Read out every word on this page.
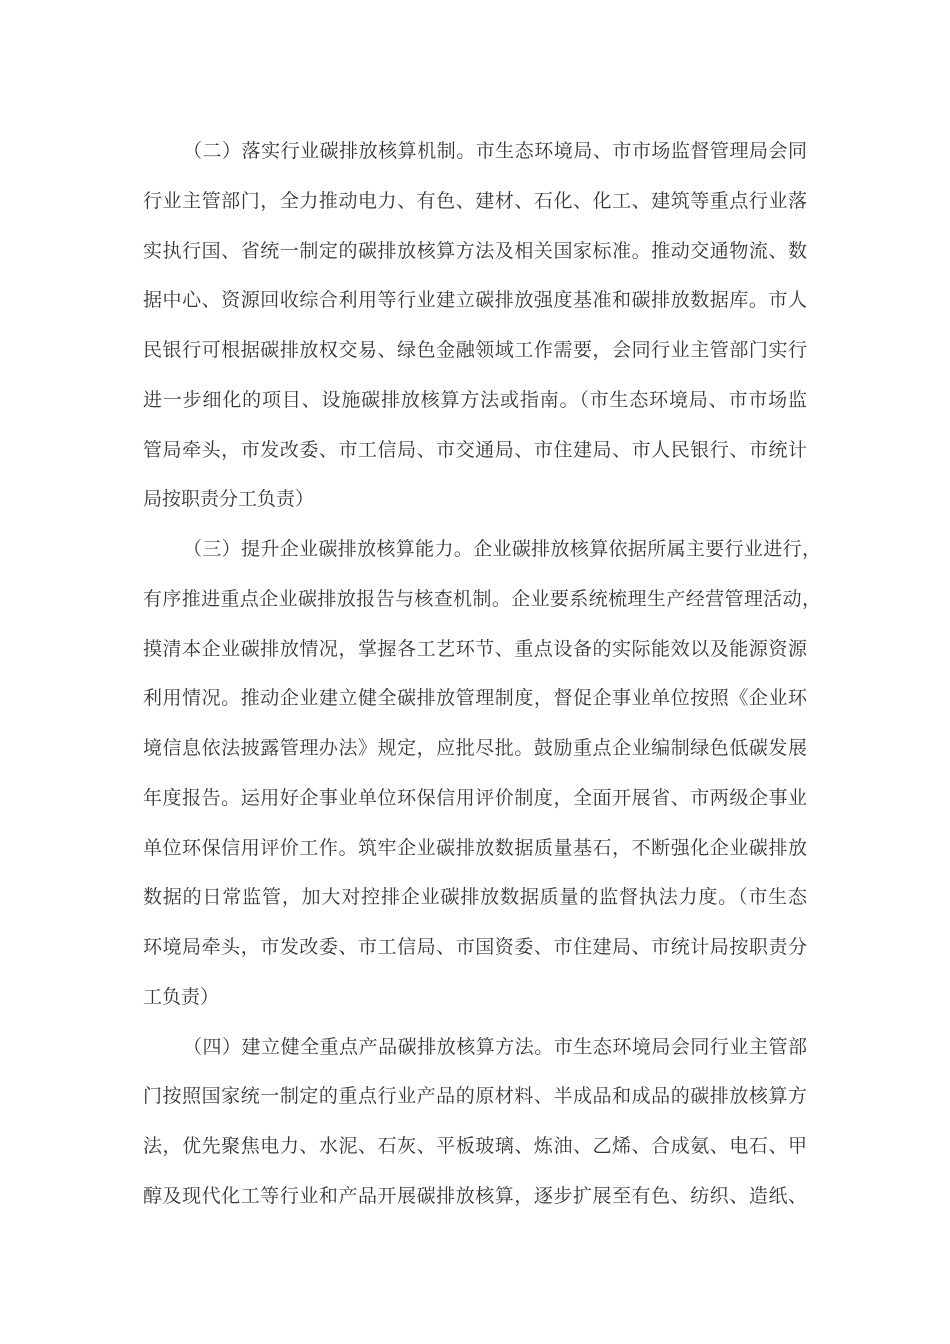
（二）落实行业碳排放核算机制。市生态环境局、市市场监督管理局会同
行业主管部门，全力推动电力、有色、建材、石化、化工、建筑等重点行业落
实执行国、省统一制定的碳排放核算方法及相关国家标准。推动交通物流、数
据中心、资源回收综合利用等行业建立碳排放强度基准和碳排放数据库。市人
民银行可根据碳排放权交易、绿色金融领域工作需要，会同行业主管部门实行
进一步细化的项目、设施碳排放核算方法或指南。（市生态环境局、市市场监
管局牵头，市发改委、市工信局、市交通局、市住建局、市人民银行、市统计
局按职责分工负责）
（三）提升企业碳排放核算能力。企业碳排放核算依据所属主要行业进行，
有序推进重点企业碳排放报告与核查机制。企业要系统梳理生产经营管理活动，
摸清本企业碳排放情况，掌握各工艺环节、重点设备的实际能效以及能源资源
利用情况。推动企业建立健全碳排放管理制度，督促企事业单位按照《企业环
境信息依法披露管理办法》规定，应批尽批。鼓励重点企业编制绿色低碳发展
年度报告。运用好企事业单位环保信用评价制度，全面开展省、市两级企事业
单位环保信用评价工作。筑牢企业碳排放数据质量基石，不断强化企业碳排放
数据的日常监管，加大对控排企业碳排放数据质量的监督执法力度。（市生态
环境局牵头，市发改委、市工信局、市国资委、市住建局、市统计局按职责分
工负责）
（四）建立健全重点产品碳排放核算方法。市生态环境局会同行业主管部
门按照国家统一制定的重点行业产品的原材料、半成品和成品的碳排放核算方
法，优先聚焦电力、水泥、石灰、平板玻璃、炼油、乙烯、合成氨、电石、甲
醇及现代化工等行业和产品开展碳排放核算，逐步扩展至有色、纺织、造纸、
